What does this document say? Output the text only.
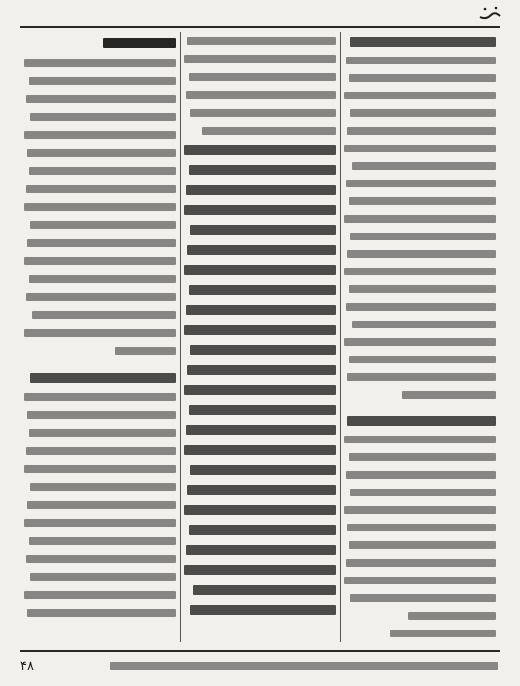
۴۸
